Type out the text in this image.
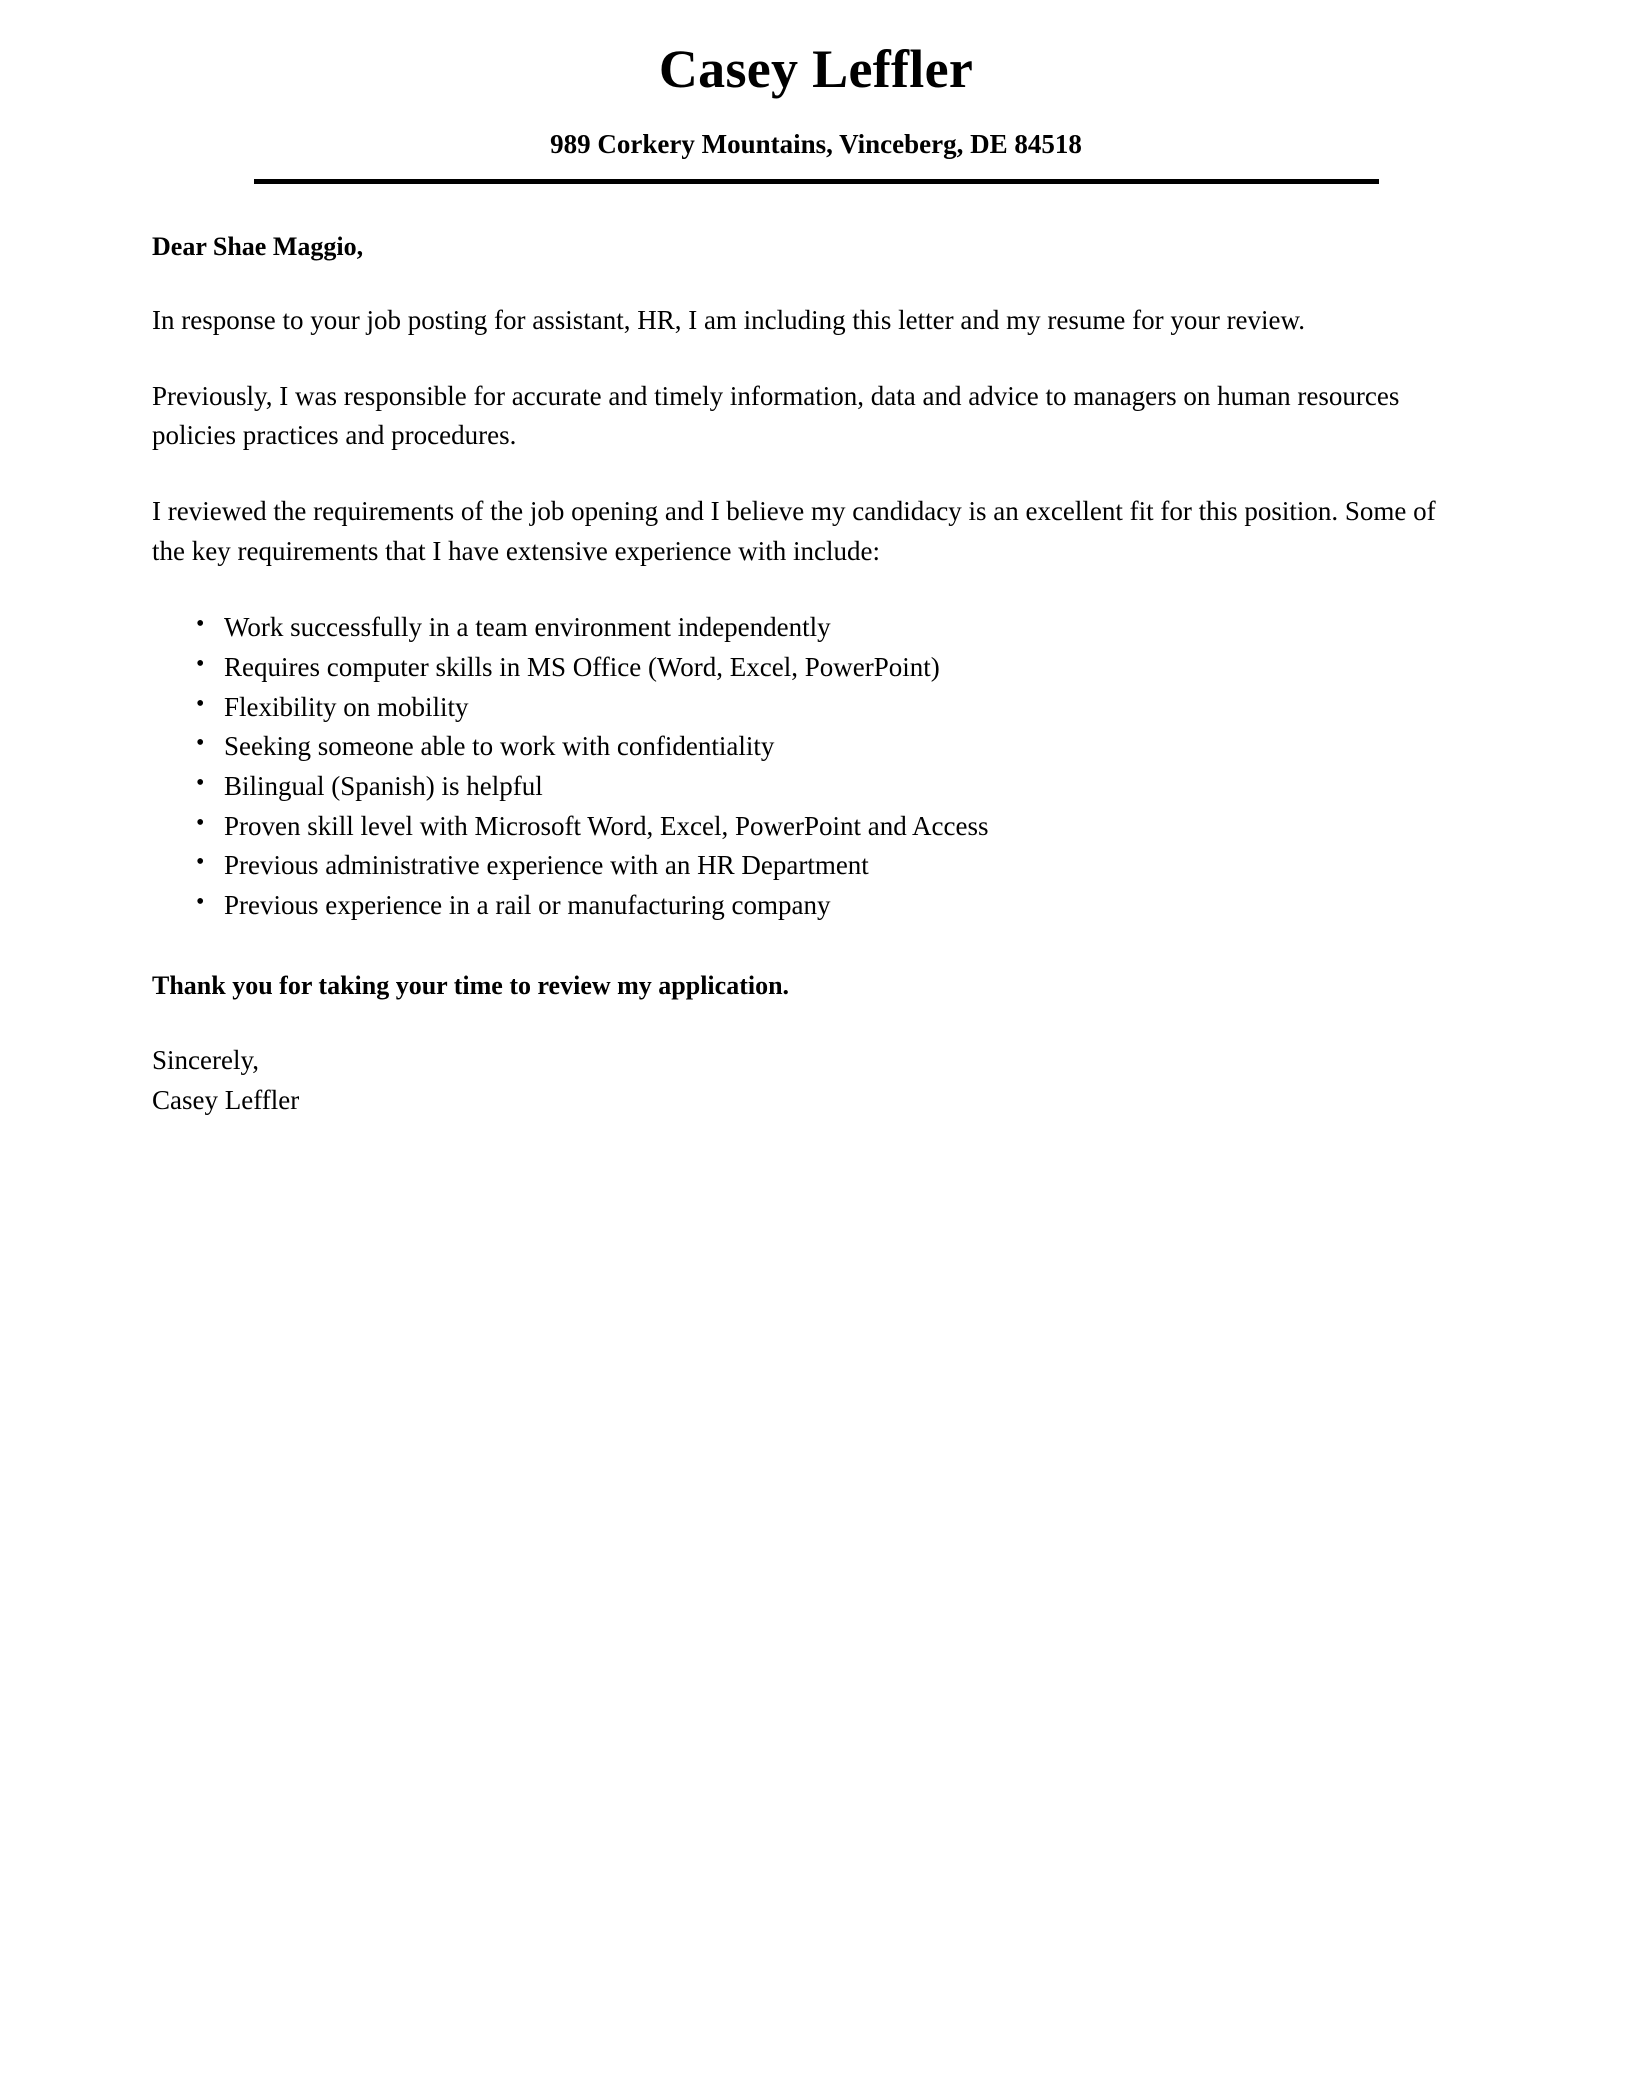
Casey Leffler
989 Corkery Mountains, Vinceberg, DE 84518

Dear Shae Maggio,

In response to your job posting for assistant, HR, I am including this letter and my resume for your review.

Previously, I was responsible for accurate and timely information, data and advice to managers on human resources policies practices and procedures.

I reviewed the requirements of the job opening and I believe my candidacy is an excellent fit for this position. Some of the key requirements that I have extensive experience with include:

• Work successfully in a team environment independently
• Requires computer skills in MS Office (Word, Excel, PowerPoint)
• Flexibility on mobility
• Seeking someone able to work with confidentiality
• Bilingual (Spanish) is helpful
• Proven skill level with Microsoft Word, Excel, PowerPoint and Access
• Previous administrative experience with an HR Department
• Previous experience in a rail or manufacturing company

Thank you for taking your time to review my application.

Sincerely,
Casey Leffler
